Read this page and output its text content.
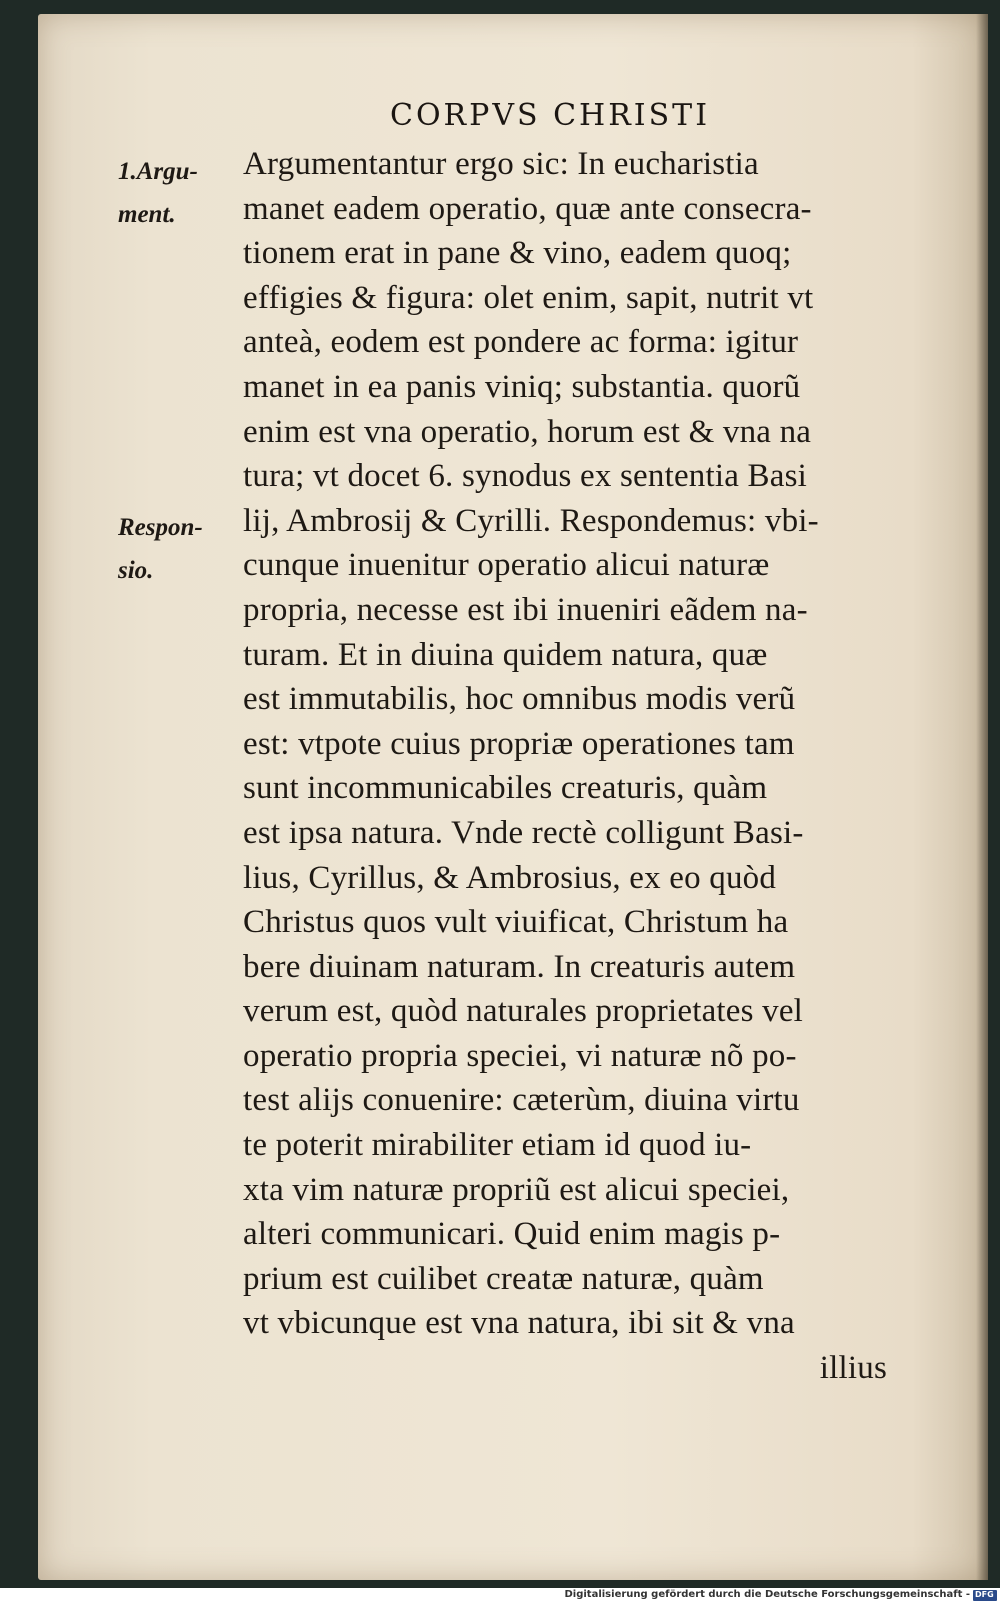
CORPVS CHRISTI
1.Argu-
ment.
Respon-
sio.
Argumentantur ergo sic: In eucharistia
manet eadem operatio, quæ ante consecra-
tionem erat in pane & vino, eadem quoq;
effigies & figura: olet enim, sapit, nutrit vt
anteà, eodem est pondere ac forma: igitur
manet in ea panis viniq; substantia. quorũ
enim est vna operatio, horum est & vna na
tura; vt docet 6. synodus ex sententia Basi
lij, Ambrosij & Cyrilli. Respondemus: vbi-
cunque inuenitur operatio alicui naturæ
propria, necesse est ibi inueniri eãdem na-
turam. Et in diuina quidem natura, quæ
est immutabilis, hoc omnibus modis verũ
est: vtpote cuius propriæ operationes tam
sunt incommunicabiles creaturis, quàm
est ipsa natura. Vnde rectè colligunt Basi-
lius, Cyrillus, & Ambrosius, ex eo quòd
Christus quos vult viuificat, Christum ha
bere diuinam naturam. In creaturis autem
verum est, quòd naturales proprietates vel
operatio propria speciei, vi naturæ nõ po-
test alijs conuenire: cæterùm, diuina virtu
te poterit mirabiliter etiam id quod iu-
xta vim naturæ propriũ est alicui speciei,
alteri communicari. Quid enim magis p-
prium est cuilibet creatæ naturæ, quàm
vt vbicunque est vna natura, ibi sit & vna
illius
Digitalisierung gefördert durch die Deutsche Forschungsgemeinschaft - DFG
